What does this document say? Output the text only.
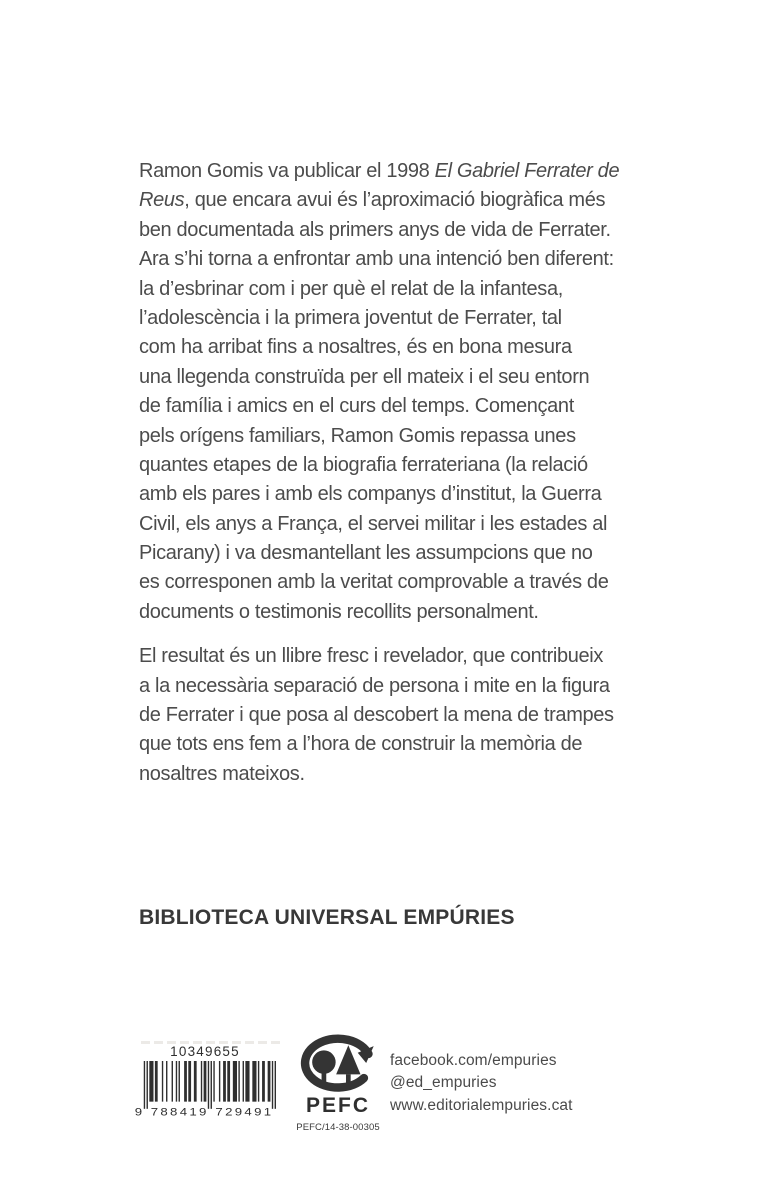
Ramon Gomis va publicar el 1998 El Gabriel Ferrater de
Reus, que encara avui és l’aproximació biogràfica més
ben documentada als primers anys de vida de Ferrater.
Ara s’hi torna a enfrontar amb una intenció ben diferent:
la d’esbrinar com i per què el relat de la infantesa,
l’adolescència i la primera joventut de Ferrater, tal
com ha arribat fins a nosaltres, és en bona mesura
una llegenda construïda per ell mateix i el seu entorn
de família i amics en el curs del temps. Començant
pels orígens familiars, Ramon Gomis repassa unes
quantes etapes de la biografia ferrateriana (la relació
amb els pares i amb els companys d’institut, la Guerra
Civil, els anys a França, el servei militar i les estades al
Picarany) i va desmantellant les assumpcions que no
es corresponen amb la veritat comprovable a través de
documents o testimonis recollits personalment.
El resultat és un llibre fresc i revelador, que contribueix
a la necessària separació de persona i mite en la figura
de Ferrater i que posa al descobert la mena de trampes
que tots ens fem a l’hora de construir la memòria de
nosaltres mateixos.
BIBLIOTECA UNIVERSAL EMPÚRIES
10349655
9 788419 729491	PEFC
PEFC/14-38-00305
facebook.com/empuries
@ed_empuries
www.editorialempuries.cat
